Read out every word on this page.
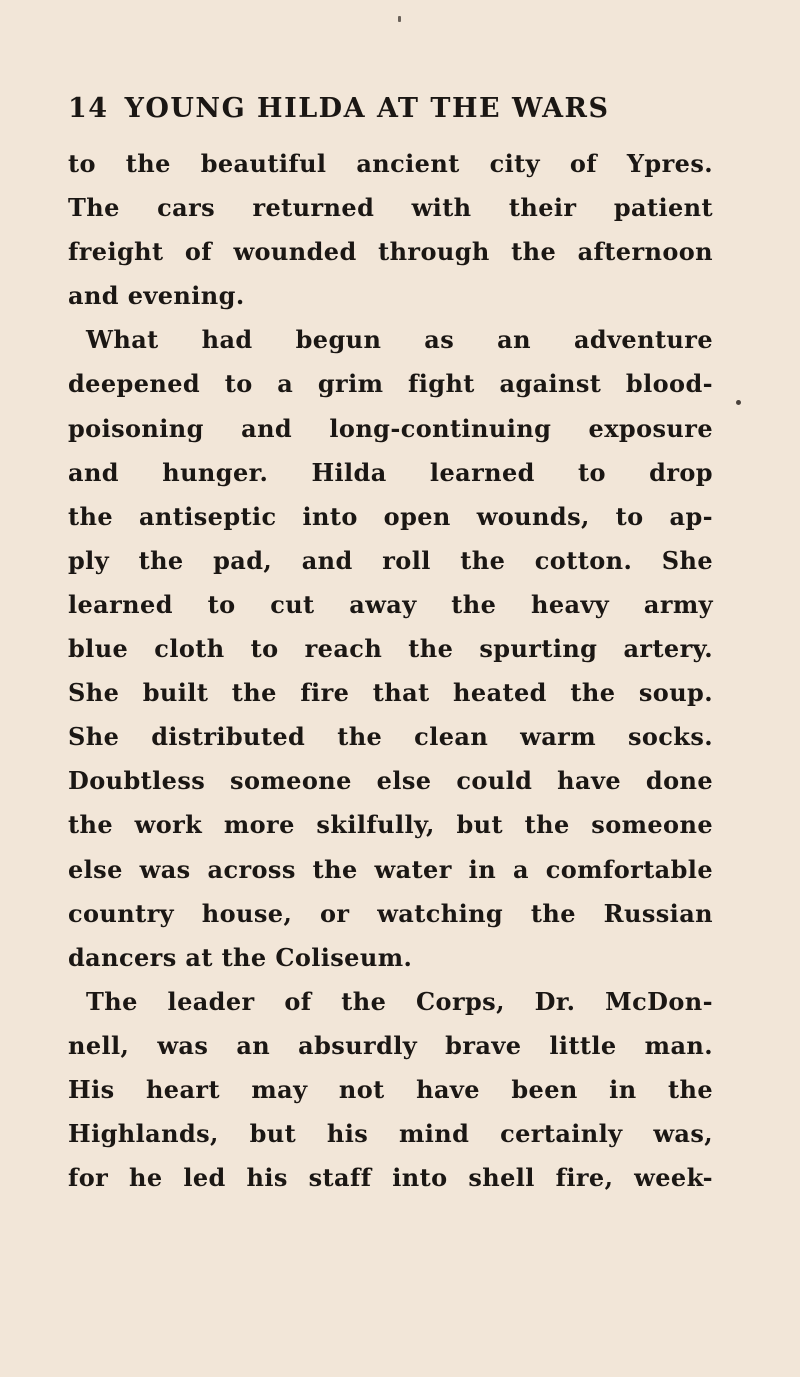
14 YOUNG HILDA AT THE WARS
to the beautiful ancient city of Ypres.
The cars returned with their patient
freight of wounded through the afternoon
and evening.
What had begun as an adventure
deepened to a grim fight against blood-
poisoning and long-continuing exposure
and hunger. Hilda learned to drop
the antiseptic into open wounds, to ap-
ply the pad, and roll the cotton. She
learned to cut away the heavy army
blue cloth to reach the spurting artery.
She built the fire that heated the soup.
She distributed the clean warm socks.
Doubtless someone else could have done
the work more skilfully, but the someone
else was across the water in a comfortable
country house, or watching the Russian
dancers at the Coliseum.
The leader of the Corps, Dr. McDon-
nell, was an absurdly brave little man.
His heart may not have been in the
Highlands, but his mind certainly was,
for he led his staff into shell fire, week-
